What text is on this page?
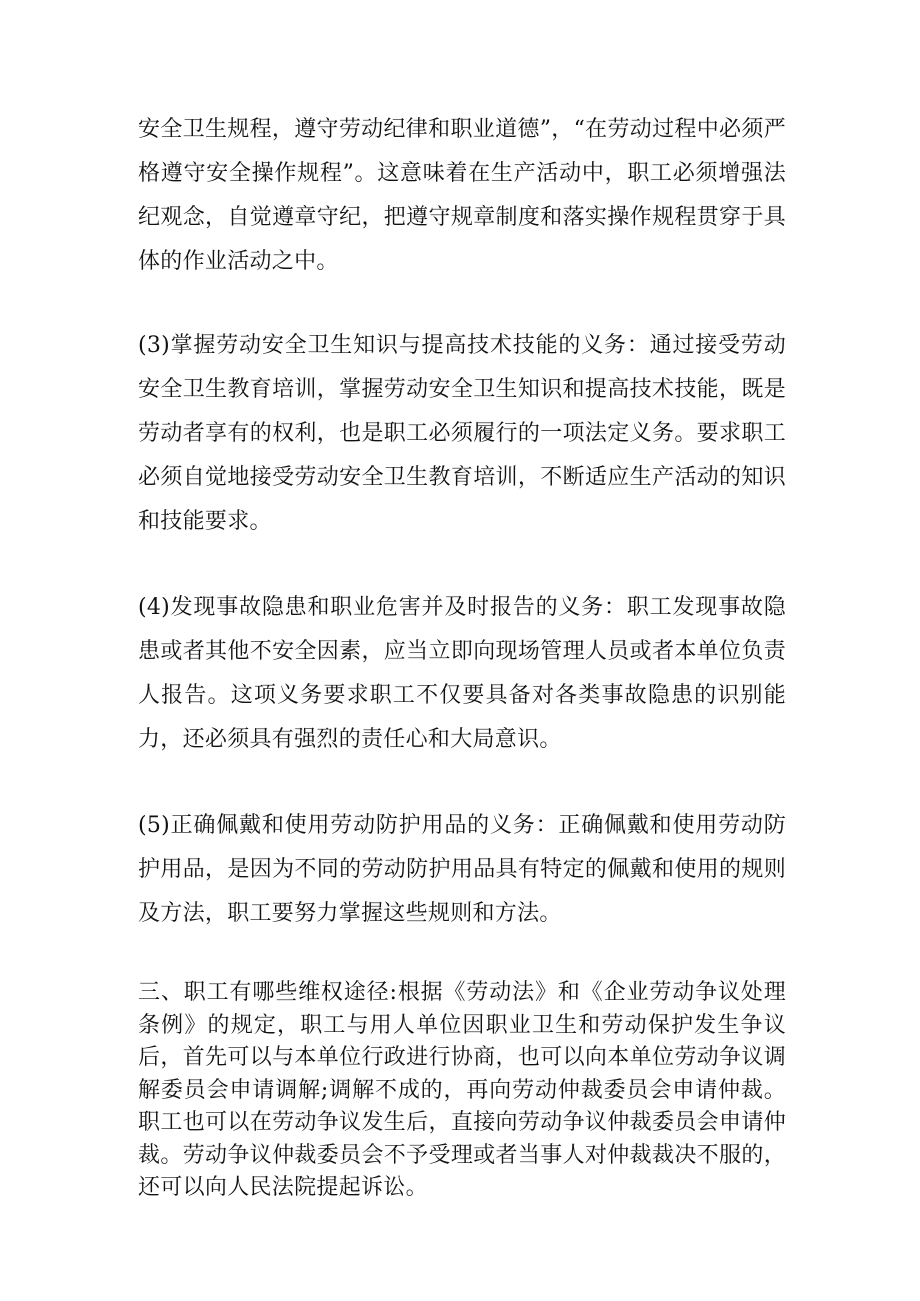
安全卫生规程，遵守劳动纪律和职业道德”，“在劳动过程中必须严格遵守安全操作规程”。这意味着在生产活动中，职工必须增强法纪观念，自觉遵章守纪，把遵守规章制度和落实操作规程贯穿于具体的作业活动之中。

(3)掌握劳动安全卫生知识与提高技术技能的义务：通过接受劳动安全卫生教育培训，掌握劳动安全卫生知识和提高技术技能，既是劳动者享有的权利，也是职工必须履行的一项法定义务。要求职工必须自觉地接受劳动安全卫生教育培训，不断适应生产活动的知识和技能要求。

(4)发现事故隐患和职业危害并及时报告的义务：职工发现事故隐患或者其他不安全因素，应当立即向现场管理人员或者本单位负责人报告。这项义务要求职工不仅要具备对各类事故隐患的识别能力，还必须具有强烈的责任心和大局意识。

(5)正确佩戴和使用劳动防护用品的义务：正确佩戴和使用劳动防护用品，是因为不同的劳动防护用品具有特定的佩戴和使用的规则及方法，职工要努力掌握这些规则和方法。

三、职工有哪些维权途径:根据《劳动法》和《企业劳动争议处理条例》的规定，职工与用人单位因职业卫生和劳动保护发生争议后，首先可以与本单位行政进行协商，也可以向本单位劳动争议调解委员会申请调解;调解不成的，再向劳动仲裁委员会申请仲裁。职工也可以在劳动争议发生后，直接向劳动争议仲裁委员会申请仲裁。劳动争议仲裁委员会不予受理或者当事人对仲裁裁决不服的，还可以向人民法院提起诉讼。
